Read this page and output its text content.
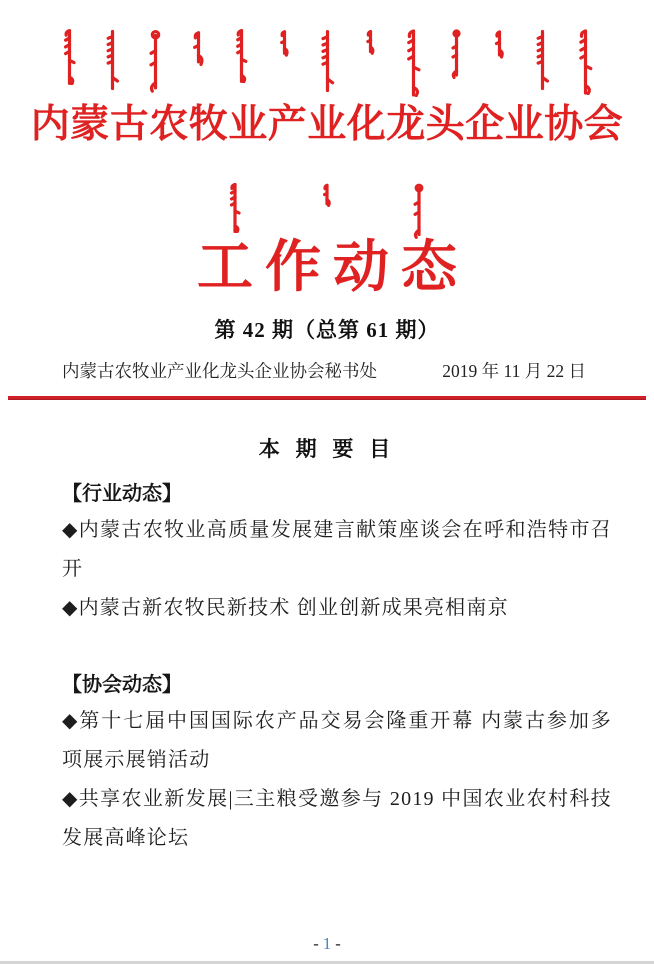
内蒙古农牧业产业化龙头企业协会
工作动态
第 42 期（总第 61 期）
内蒙古农牧业产业化龙头企业协会秘书处	2019 年 11 月 22 日
本 期 要 目
【行业动态】

◆内蒙古农牧业高质量发展建言献策座谈会在呼和浩特市召开

◆内蒙古新农牧民新技术 创业创新成果亮相南京

【协会动态】

◆第十七届中国国际农产品交易会隆重开幕 内蒙古参加多项展示展销活动

◆共享农业新发展|三主粮受邀参与 2019 中国农业农村科技发展高峰论坛

- 1 -
